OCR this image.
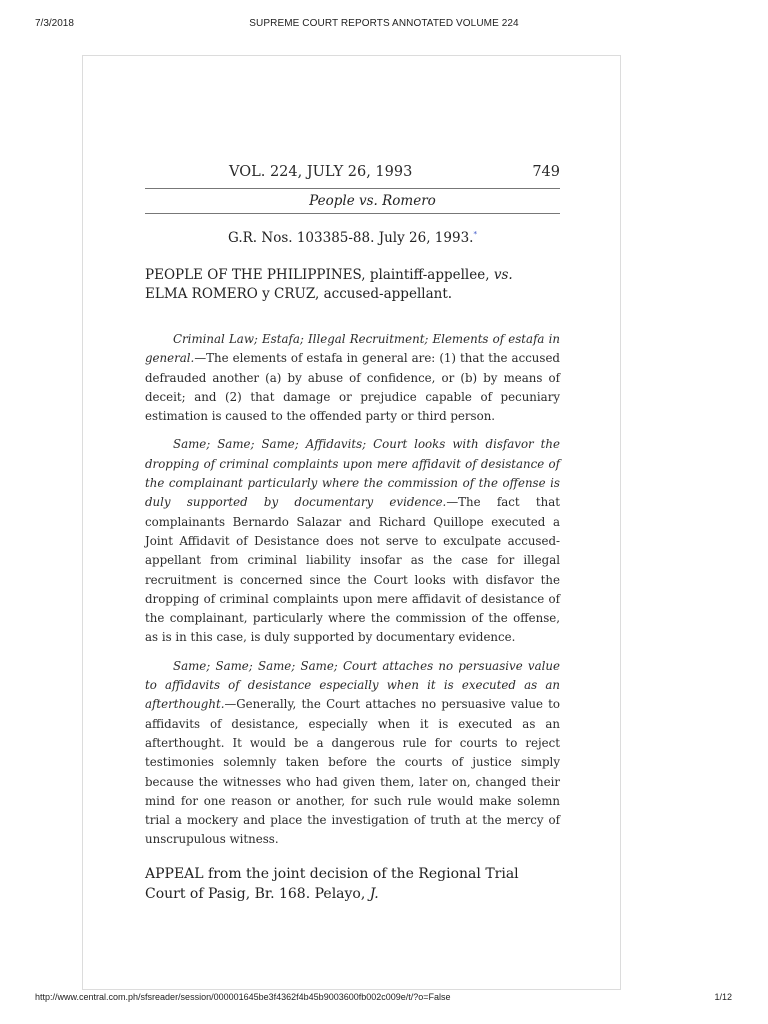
7/3/2018	SUPREME COURT REPORTS ANNOTATED VOLUME 224
VOL. 224, JULY 26, 1993	749
People vs. Romero
G.R. Nos. 103385-88. July 26, 1993.*
PEOPLE OF THE PHILIPPINES, plaintiff-appellee, vs.
ELMA ROMERO y CRUZ, accused-appellant.

Criminal Law; Estafa; Illegal Recruitment; Elements of estafa in general.—The elements of estafa in general are: (1) that the accused defrauded another (a) by abuse of confidence, or (b) by means of deceit; and (2) that damage or prejudice capable of pecuniary estimation is caused to the offended party or third person.

Same; Same; Same; Affidavits; Court looks with disfavor the dropping of criminal complaints upon mere affidavit of desistance of the complainant particularly where the commission of the offense is duly supported by documentary evidence.—The fact that complainants Bernardo Salazar and Richard Quillope executed a Joint Affidavit of Desistance does not serve to exculpate accused-appellant from criminal liability insofar as the case for illegal recruitment is concerned since the Court looks with disfavor the dropping of criminal complaints upon mere affidavit of desistance of the complainant, particularly where the commission of the offense, as is in this case, is duly supported by documentary evidence.

Same; Same; Same; Same; Court attaches no persuasive value to affidavits of desistance especially when it is executed as an afterthought.—Generally, the Court attaches no persuasive value to affidavits of desistance, especially when it is executed as an afterthought. It would be a dangerous rule for courts to reject testimonies solemnly taken before the courts of justice simply because the witnesses who had given them, later on, changed their mind for one reason or another, for such rule would make solemn trial a mockery and place the investigation of truth at the mercy of unscrupulous witness.

APPEAL from the joint decision of the Regional Trial Court of Pasig, Br. 168. Pelayo, J.
http://www.central.com.ph/sfsreader/session/000001645be3f4362f4b45b9003600fb002c009e/t/?o=False	1/12
